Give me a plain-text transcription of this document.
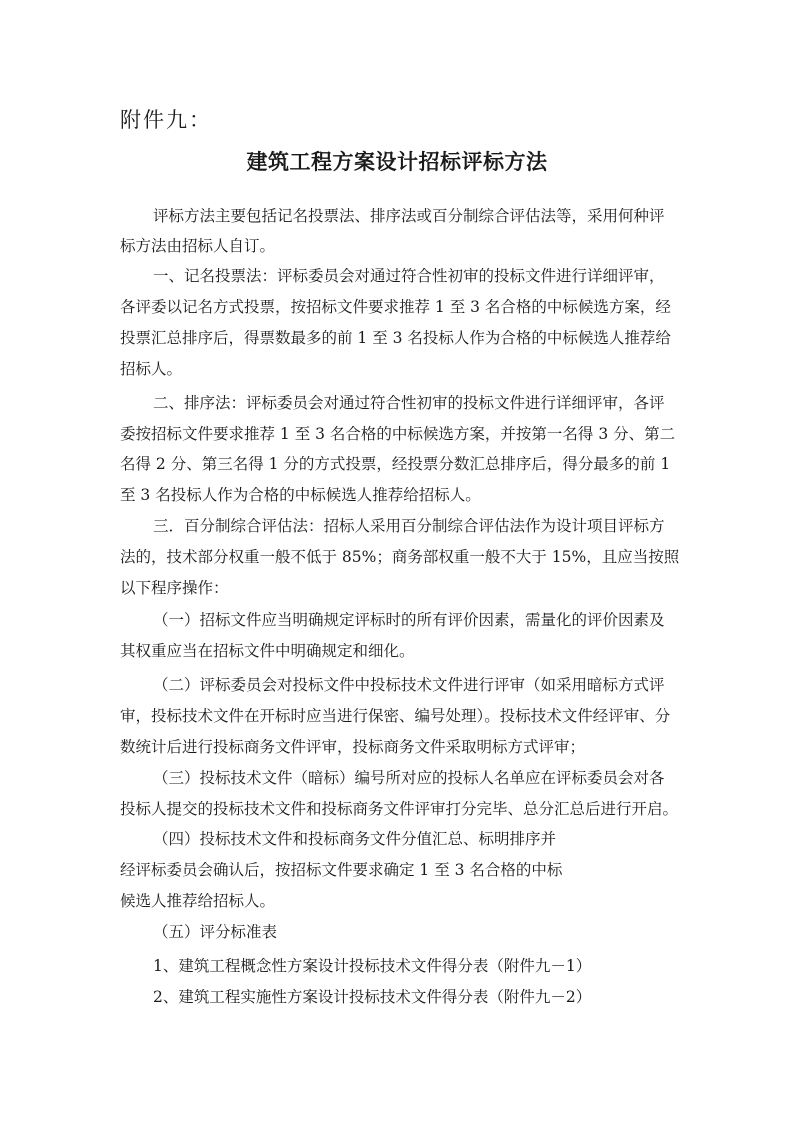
附件九：
建筑工程方案设计招标评标方法
评标方法主要包括记名投票法、排序法或百分制综合评估法等，采用何种评
标方法由招标人自订。
一、记名投票法：评标委员会对通过符合性初审的投标文件进行详细评审，
各评委以记名方式投票，按招标文件要求推荐 1 至 3 名合格的中标候选方案，经
投票汇总排序后，得票数最多的前 1 至 3 名投标人作为合格的中标候选人推荐给
招标人。
二、排序法：评标委员会对通过符合性初审的投标文件进行详细评审，各评
委按招标文件要求推荐 1 至 3 名合格的中标候选方案，并按第一名得 3 分、第二
名得 2 分、第三名得 1 分的方式投票，经投票分数汇总排序后，得分最多的前 1
至 3 名投标人作为合格的中标候选人推荐给招标人。
三．百分制综合评估法：招标人采用百分制综合评估法作为设计项目评标方
法的，技术部分权重一般不低于 85%；商务部权重一般不大于 15%，且应当按照
以下程序操作：
（一）招标文件应当明确规定评标时的所有评价因素，需量化的评价因素及
其权重应当在招标文件中明确规定和细化。
（二）评标委员会对投标文件中投标技术文件进行评审（如采用暗标方式评
审，投标技术文件在开标时应当进行保密、编号处理）。投标技术文件经评审、分
数统计后进行投标商务文件评审，投标商务文件采取明标方式评审；
（三）投标技术文件（暗标）编号所对应的投标人名单应在评标委员会对各
投标人提交的投标技术文件和投标商务文件评审打分完毕、总分汇总后进行开启。
（四）投标技术文件和投标商务文件分值汇总、标明排序并
经评标委员会确认后，按招标文件要求确定 1 至 3 名合格的中标
候选人推荐给招标人。
（五）评分标准表
1、建筑工程概念性方案设计投标技术文件得分表（附件九－1）
2、建筑工程实施性方案设计投标技术文件得分表（附件九－2）
